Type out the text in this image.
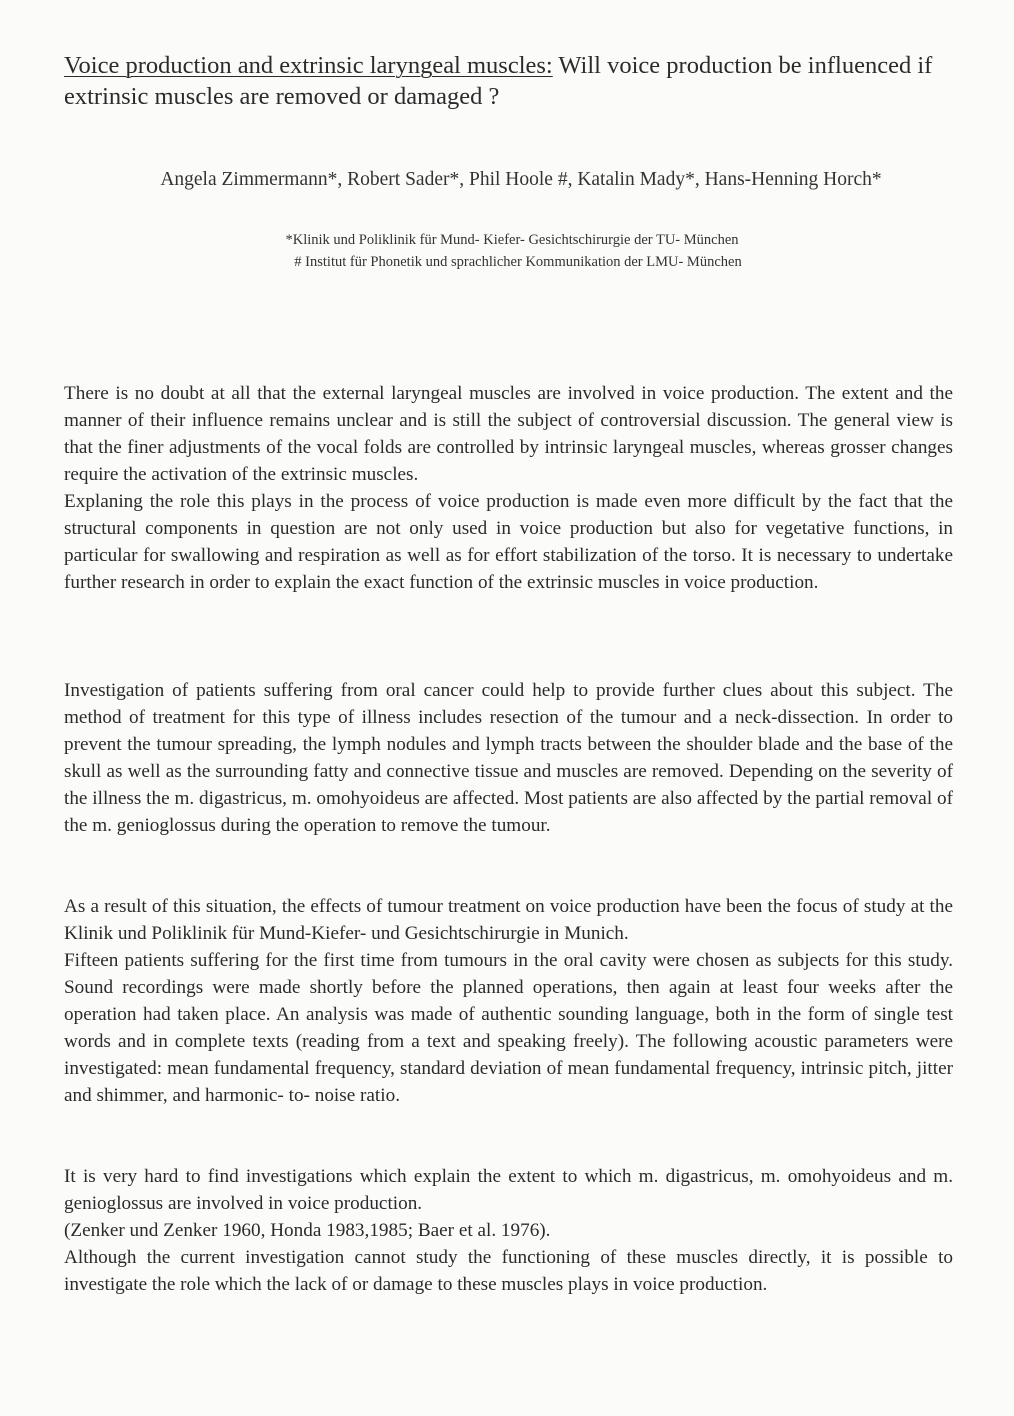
Voice production and extrinsic laryngeal muscles: Will voice production be influenced if extrinsic muscles are removed or damaged ?
Angela Zimmermann*, Robert Sader*, Phil Hoole #, Katalin Mady*, Hans-Henning Horch*
*Klinik und Poliklinik für Mund- Kiefer- Gesichtschirurgie der TU- München
# Institut für Phonetik und sprachlicher Kommunikation der LMU- München

There is no doubt at all that the external laryngeal muscles are involved in voice production. The extent and the manner of their influence remains unclear and is still the subject of controversial discussion. The general view is that the finer adjustments of the vocal folds are controlled by intrinsic laryngeal muscles, whereas grosser changes require the activation of the extrinsic muscles.

Explaning the role this plays in the process of voice production is made even more difficult by the fact that the structural components in question are not only used in voice production but also for vegetative functions, in particular for swallowing and respiration as well as for effort stabilization of the torso. It is necessary to undertake further research in order to explain the exact function of the extrinsic muscles in voice production.

Investigation of patients suffering from oral cancer could help to provide further clues about this subject. The method of treatment for this type of illness includes resection of the tumour and a neck-dissection. In order to prevent the tumour spreading, the lymph nodules and lymph tracts between the shoulder blade and the base of the skull as well as the surrounding fatty and connective tissue and muscles are removed. Depending on the severity of the illness the m. digastricus, m. omohyoideus are affected. Most patients are also affected by the partial removal of the m. genioglossus during the operation to remove the tumour.

As a result of this situation, the effects of tumour treatment on voice production have been the focus of study at the Klinik und Poliklinik für Mund-Kiefer- und Gesichtschirurgie in Munich.

Fifteen patients suffering for the first time from tumours in the oral cavity were chosen as subjects for this study. Sound recordings were made shortly before the planned operations, then again at least four weeks after the operation had taken place. An analysis was made of authentic sounding language, both in the form of single test words and in complete texts (reading from a text and speaking freely). The following acoustic parameters were investigated: mean fundamental frequency, standard deviation of mean fundamental frequency, intrinsic pitch, jitter and shimmer, and harmonic- to- noise ratio.

It is very hard to find investigations which explain the extent to which m. digastricus, m. omohyoideus and m. genioglossus are involved in voice production.

(Zenker und Zenker 1960, Honda 1983,1985; Baer et al. 1976).

Although the current investigation cannot study the functioning of these muscles directly, it is possible to investigate the role which the lack of or damage to these muscles plays in voice production.
